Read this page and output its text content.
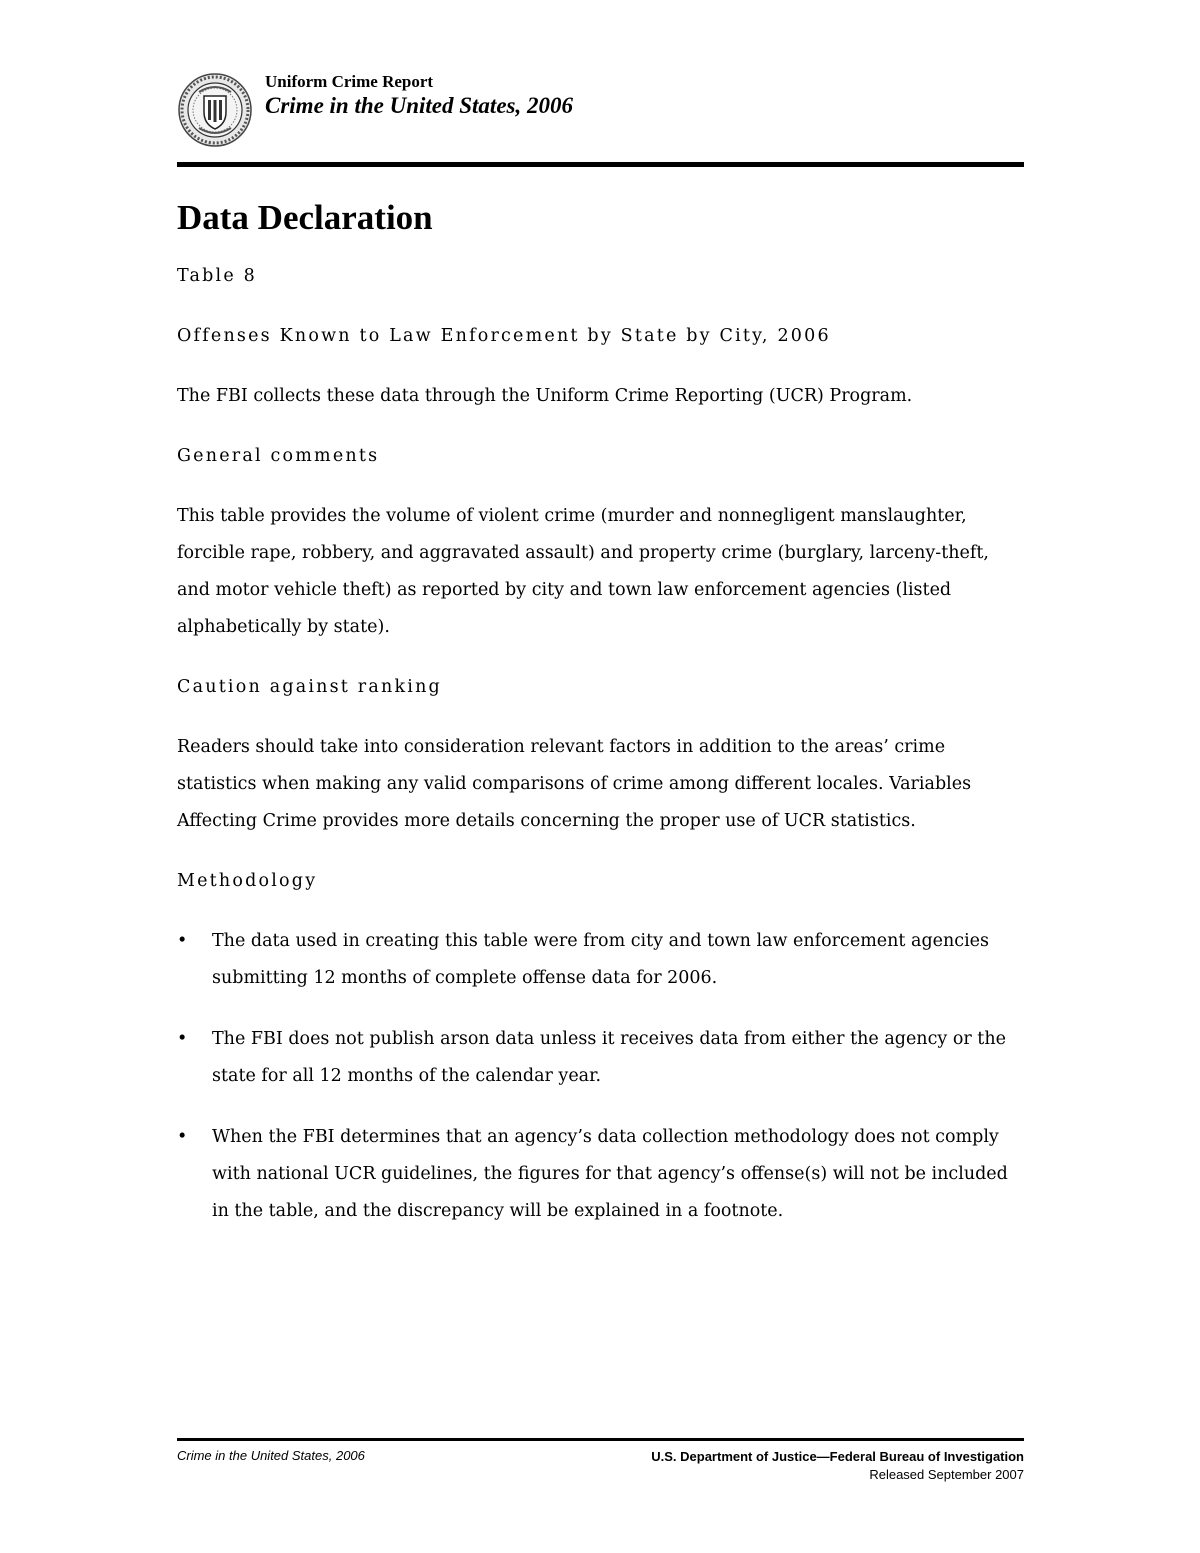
Uniform Crime Report
Crime in the United States, 2006
Data Declaration

Table 8

Offenses Known to Law Enforcement by State by City, 2006

The FBI collects these data through the Uniform Crime Reporting (UCR) Program.

General comments

This table provides the volume of violent crime (murder and nonnegligent manslaughter, forcible rape, robbery, and aggravated assault) and property crime (burglary, larceny-theft, and motor vehicle theft) as reported by city and town law enforcement agencies (listed alphabetically by state).

Caution against ranking

Readers should take into consideration relevant factors in addition to the areas’ crime statistics when making any valid comparisons of crime among different locales. Variables Affecting Crime provides more details concerning the proper use of UCR statistics.

Methodology

• The data used in creating this table were from city and town law enforcement agencies submitting 12 months of complete offense data for 2006.
• The FBI does not publish arson data unless it receives data from either the agency or the state for all 12 months of the calendar year.
• When the FBI determines that an agency’s data collection methodology does not comply with national UCR guidelines, the figures for that agency’s offense(s) will not be included in the table, and the discrepancy will be explained in a footnote.
Crime in the United States, 2006	U.S. Department of Justice—Federal Bureau of Investigation
Released September 2007
